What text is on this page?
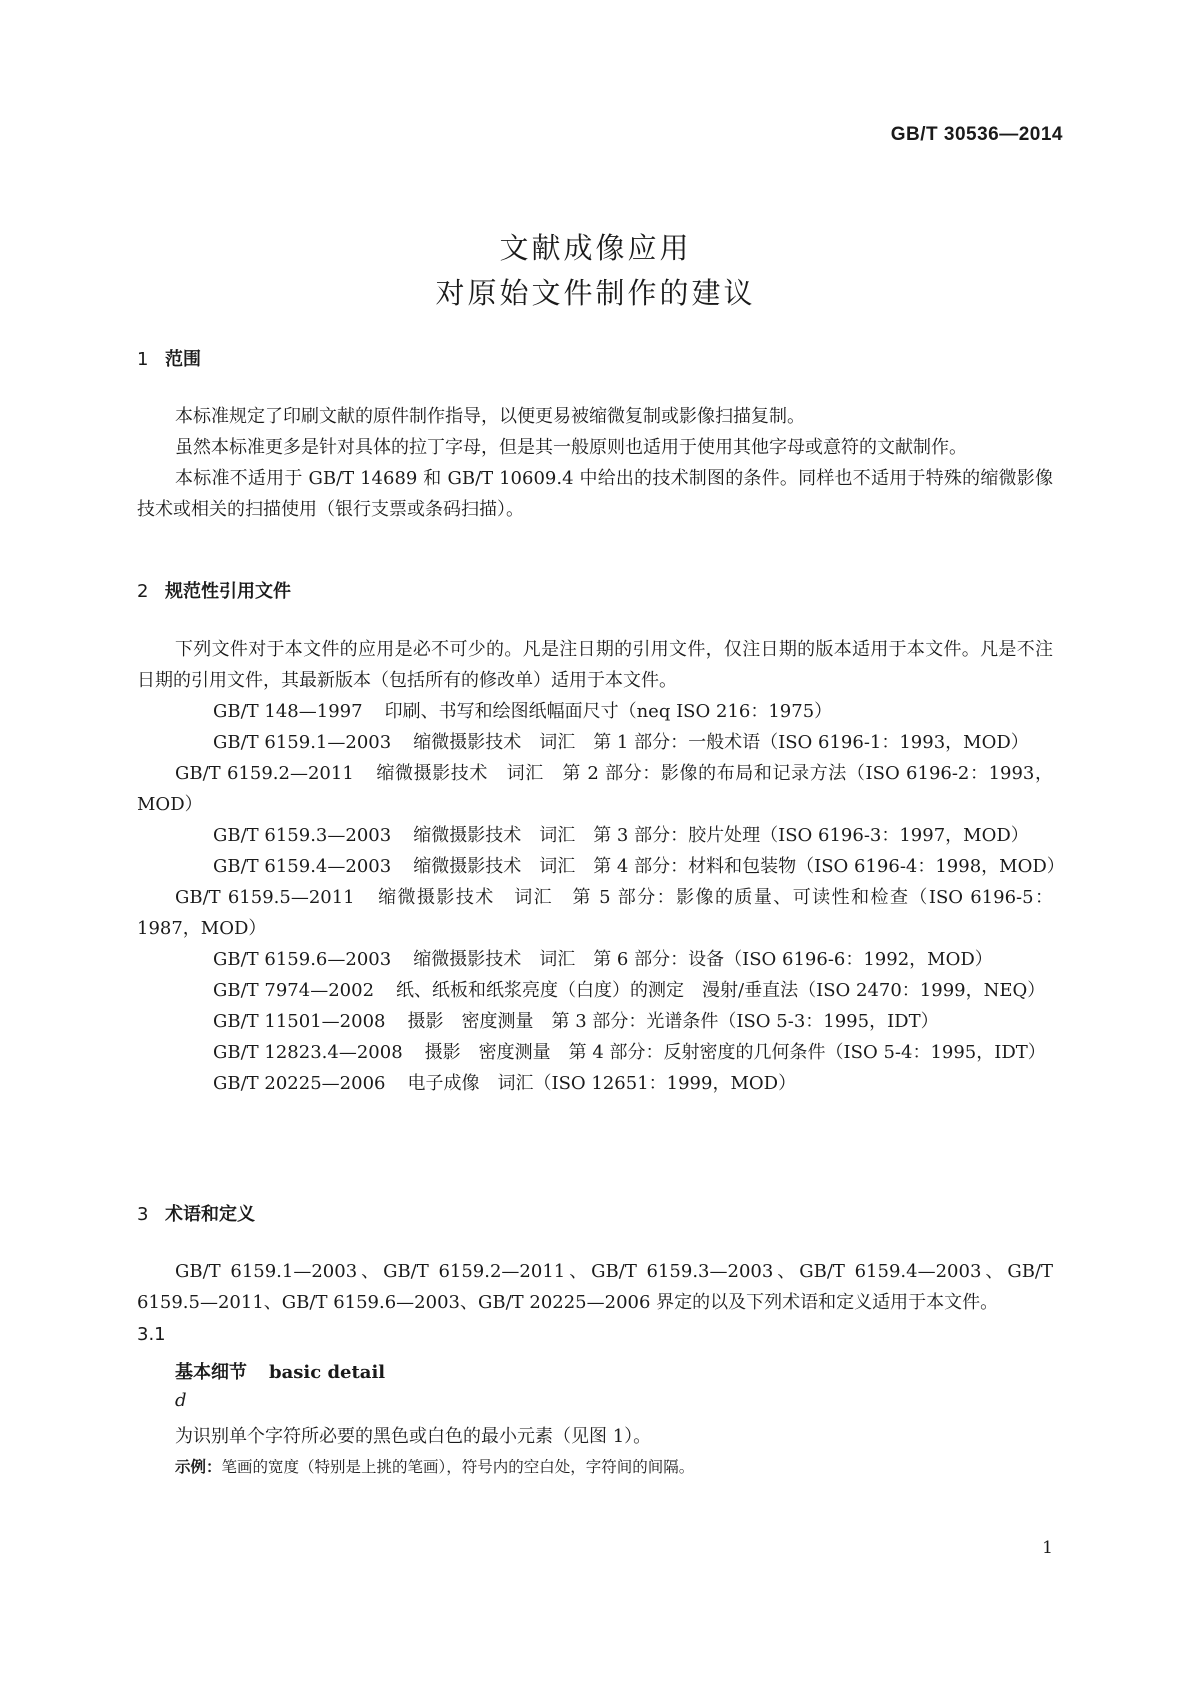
GB/T 30536—2014
文献成像应用
对原始文件制作的建议
1 范围

本标准规定了印刷文献的原件制作指导，以便更易被缩微复制或影像扫描复制。

虽然本标准更多是针对具体的拉丁字母，但是其一般原则也适用于使用其他字母或意符的文献制作。

本标准不适用于 GB/T 14689 和 GB/T 10609.4 中给出的技术制图的条件。同样也不适用于特殊的缩微影像技术或相关的扫描使用（银行支票或条码扫描）。

2 规范性引用文件

下列文件对于本文件的应用是必不可少的。凡是注日期的引用文件，仅注日期的版本适用于本文件。凡是不注日期的引用文件，其最新版本（包括所有的修改单）适用于本文件。

GB/T 148—1997 印刷、书写和绘图纸幅面尺寸（neq ISO 216：1975）

GB/T 6159.1—2003 缩微摄影技术　词汇　第 1 部分：一般术语（ISO 6196-1：1993，MOD）

GB/T 6159.2—2011 缩微摄影技术　词汇　第 2 部分：影像的布局和记录方法（ISO 6196-2：1993，MOD）

GB/T 6159.3—2003 缩微摄影技术　词汇　第 3 部分：胶片处理（ISO 6196-3：1997，MOD）

GB/T 6159.4—2003 缩微摄影技术　词汇　第 4 部分：材料和包装物（ISO 6196-4：1998，MOD）

GB/T 6159.5—2011 缩微摄影技术　词汇　第 5 部分：影像的质量、可读性和检查（ISO 6196-5：1987，MOD）

GB/T 6159.6—2003 缩微摄影技术　词汇　第 6 部分：设备（ISO 6196-6：1992，MOD）

GB/T 7974—2002 纸、纸板和纸浆亮度（白度）的测定　漫射/垂直法（ISO 2470：1999，NEQ）

GB/T 11501—2008 摄影　密度测量　第 3 部分：光谱条件（ISO 5-3：1995，IDT）

GB/T 12823.4—2008 摄影　密度测量　第 4 部分：反射密度的几何条件（ISO 5-4：1995，IDT）

GB/T 20225—2006 电子成像　词汇（ISO 12651：1999，MOD）

3 术语和定义

GB/T 6159.1—2003、GB/T 6159.2—2011、GB/T 6159.3—2003、GB/T 6159.4—2003、GB/T 6159.5—2011、GB/T 6159.6—2003、GB/T 20225—2006 界定的以及下列术语和定义适用于本文件。

3.1
基本细节 basic detail
d
为识别单个字符所必要的黑色或白色的最小元素（见图 1）。
示例：笔画的宽度（特别是上挑的笔画），符号内的空白处，字符间的间隔。
1
